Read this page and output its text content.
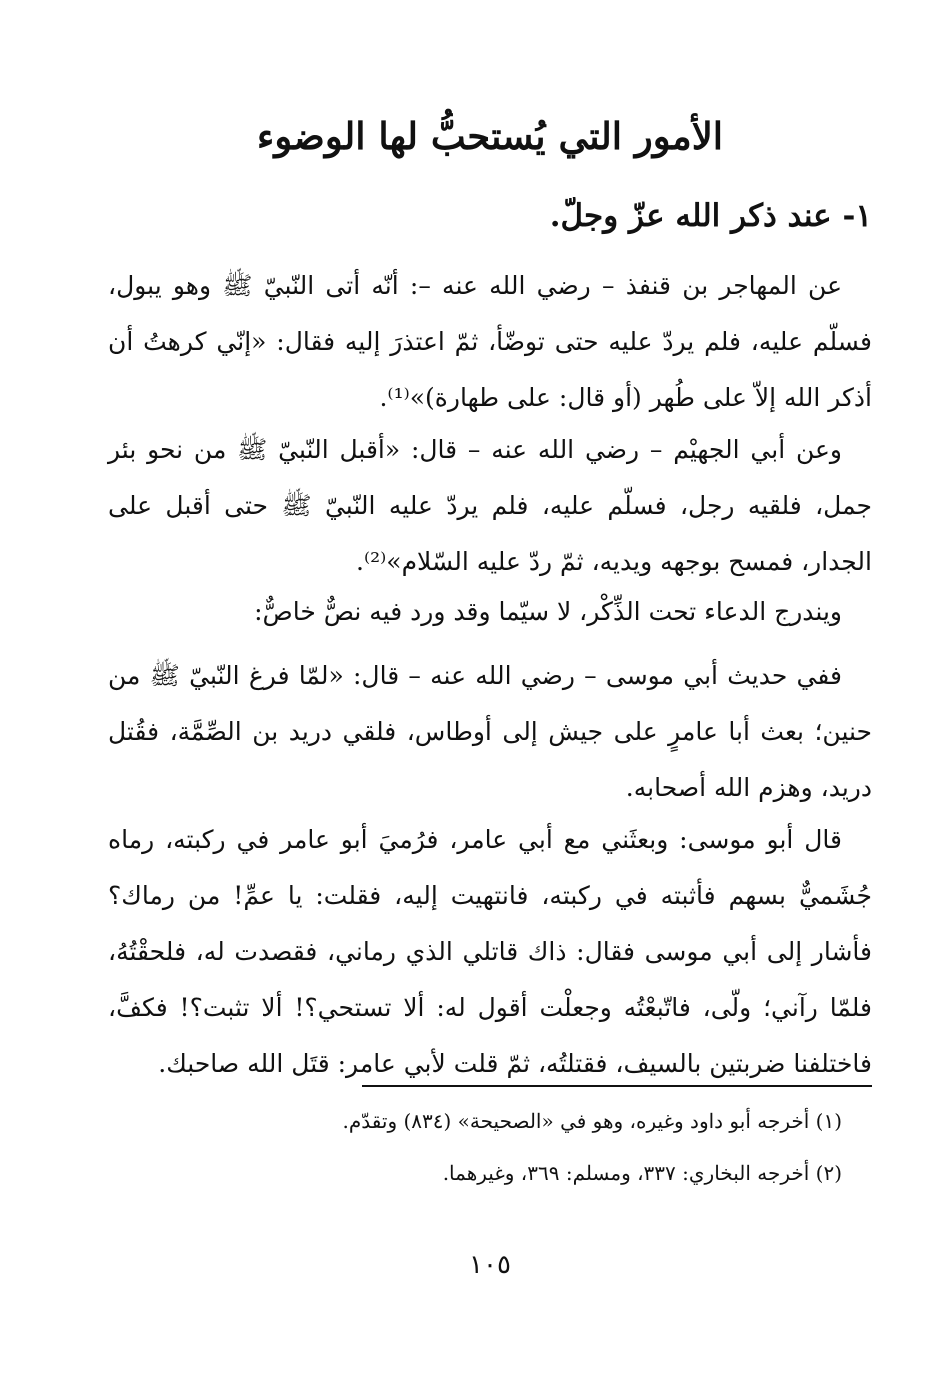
الأمور التي يُستحبُّ لها الوضوء
١- عند ذكر الله عزّ وجلّ.

عن المهاجر بن قنفذ – رضي الله عنه –: أنّه أتى النّبيّ ﷺ وهو يبول، فسلّم عليه، فلم يردّ عليه حتى توضّأ، ثمّ اعتذرَ إليه فقال: «إنّي كرهتُ أن أذكر الله إلاّ على طُهر (أو قال: على طهارة)»⁽¹⁾.

وعن أبي الجهيْم – رضي الله عنه – قال: «أقبل النّبيّ ﷺ من نحو بئر جمل، فلقيه رجل، فسلّم عليه، فلم يردّ عليه النّبيّ ﷺ حتى أقبل على الجدار، فمسح بوجهه ويديه، ثمّ ردّ عليه السّلام»⁽²⁾.

ويندرج الدعاء تحت الذِّكْر، لا سيّما وقد ورد فيه نصٌّ خاصٌّ:

ففي حديث أبي موسى – رضي الله عنه – قال: «لمّا فرغ النّبيّ ﷺ من حنين؛ بعث أبا عامرٍ على جيش إلى أوطاس، فلقي دريد بن الصِّمَّة، فقُتل دريد، وهزم الله أصحابه.

قال أبو موسى: وبعثَني مع أبي عامر، فرُميَ أبو عامر في ركبته، رماه جُشَميٌّ بسهم فأثبته في ركبته، فانتهيت إليه، فقلت: يا عمِّ! من رماك؟ فأشار إلى أبي موسى فقال: ذاك قاتلي الذي رماني، فقصدت له، فلحقْتُهُ، فلمّا رآني؛ ولّى، فاتّبعْتُه وجعلْت أقول له: ألا تستحي؟! ألا تثبت؟! فكفَّ، فاختلفنا ضربتين بالسيف، فقتلتُه، ثمّ قلت لأبي عامر: قتَل الله صاحبك.

(١) أخرجه أبو داود وغيره، وهو في «الصحيحة» (٨٣٤) وتقدّم.

(٢) أخرجه البخاري: ٣٣٧، ومسلم: ٣٦٩، وغيرهما.

١٠٥
